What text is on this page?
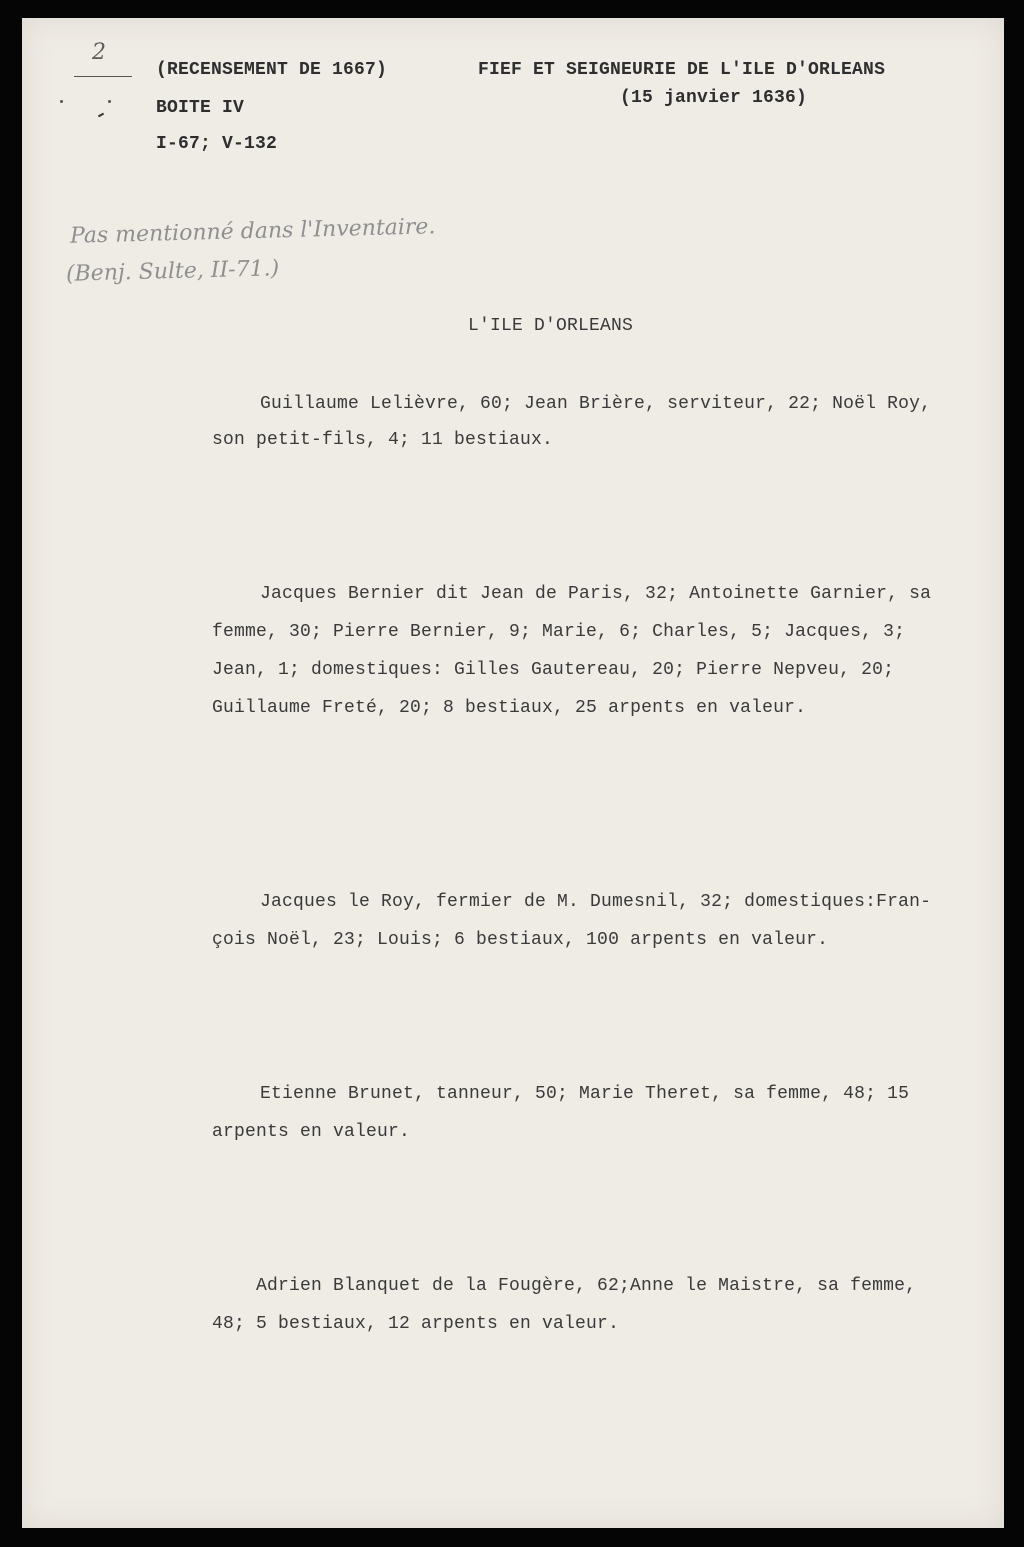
2
(RECENSEMENT DE 1667)
BOITE IV
I-67; V-132
FIEF ET SEIGNEURIE DE L'ILE D'ORLEANS
(15 janvier 1636)
Pas mentionné dans l'Inventaire.
(Benj. Sulte, II-71.)
L'ILE D'ORLEANS
Guillaume Lelièvre, 60; Jean Brière, serviteur, 22; Noël Roy,
son petit-fils, 4; 11 bestiaux.
Jacques Bernier dit Jean de Paris, 32; Antoinette Garnier, sa
femme, 30; Pierre Bernier, 9; Marie, 6; Charles, 5; Jacques, 3;
Jean, 1; domestiques: Gilles Gautereau, 20; Pierre Nepveu, 20;
Guillaume Freté, 20; 8 bestiaux, 25 arpents en valeur.
Jacques le Roy, fermier de M. Dumesnil, 32; domestiques:Fran-
çois Noël, 23; Louis; 6 bestiaux, 100 arpents en valeur.
Etienne Brunet, tanneur, 50; Marie Theret, sa femme, 48; 15
arpents en valeur.
Adrien Blanquet de la Fougère, 62;Anne le Maistre, sa femme,
48; 5 bestiaux, 12 arpents en valeur.
